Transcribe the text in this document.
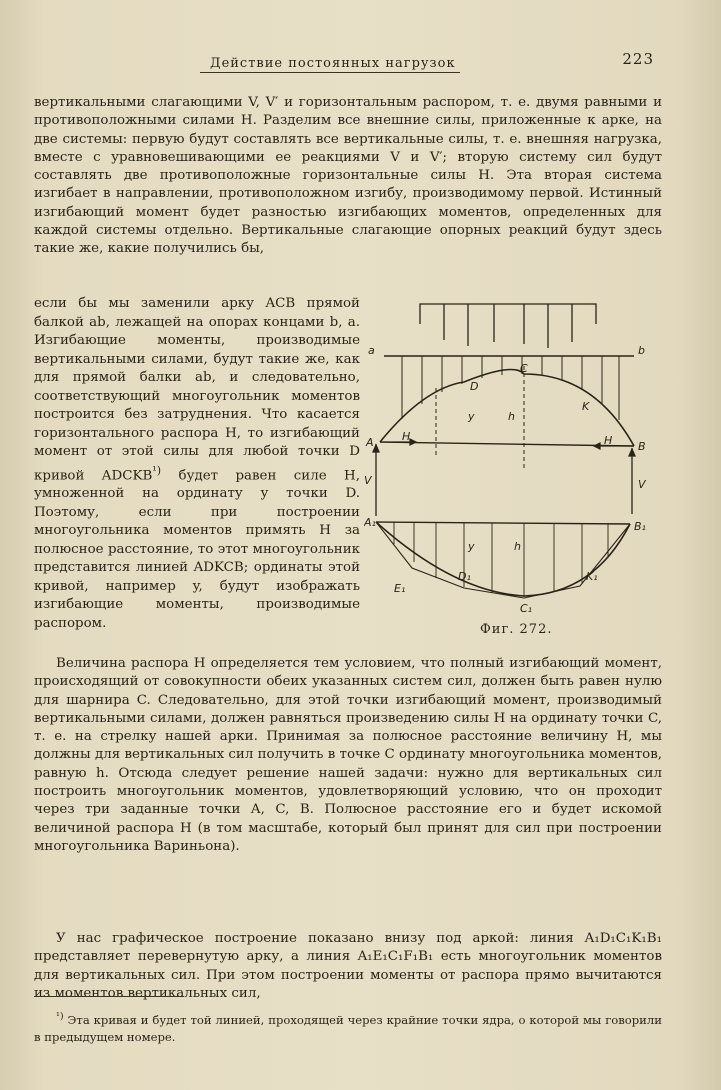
Действие постоянных нагрузок	223
вертикальными слагающими V, V′ и горизонтальным распором, т. е. двумя равными и противоположными силами H. Разделим все внешние силы, приложенные к арке, на две системы: первую будут составлять все вертикальные силы, т. е. внешняя нагрузка, вместе с уравновешивающими ее реакциями V и V′; вторую систему сил будут составлять две противоположные горизонтальные силы H. Эта вторая система изгибает в направлении, противоположном изгибу, производимому первой. Истинный изгибающий момент будет разностью изгибающих моментов, определенных для каждой системы отдельно. Вертикальные слагающие опорных реакций будут здесь такие же, какие получились бы,
если бы мы заменили арку ACB прямой балкой ab, лежащей на опорах концами b, a. Изгибающие моменты, производимые вертикальными силами, будут такие же, как для прямой балки ab, и следовательно, соответствующий многоугольник моментов построится без затруднения. Что касается горизонтального распора H, то изгибающий момент от этой силы для любой точки D кривой $ADCKB^{^1)}$ будет равен силе H, умноженной на ординату у точки D. Поэтому, если при построении многоугольника моментов примять H за полюсное расстояние, то этот многоугольник представится линией ADKCB; ординаты этой кривой, например y, будут изображать изгибающие моменты, производимые распором.
a	b
A	B
C
D
K
H	H
y	h
V	V
A₁	B₁
C₁
D₁
E₁
K₁
y	h
Фиг. 272.
Величина распора H определяется тем условием, что полный изгибающий момент, происходящий от совокупности обеих указанных систем сил, должен быть равен нулю для шарнира C. Следовательно, для этой точки изгибающий момент, производимый вертикальными силами, должен равняться произведению силы H на ординату точки C, т. е. на стрелку нашей арки. Принимая за полюсное расстояние величину H, мы должны для вертикальных сил получить в точке C ординату многоугольника моментов, равную h. Отсюда следует решение нашей задачи: нужно для вертикальных сил построить многоугольник моментов, удовлетворяющий условию, что он проходит через три заданные точки A, C, B. Полюсное расстояние его и будет искомой величиной распора H (в том масштабе, который был принят для сил при построении многоугольника Вариньона).
У нас графическое построение показано внизу под аркой: линия A₁D₁C₁K₁B₁ представляет перевернутую арку, а линия A₁E₁C₁F₁B₁ есть многоугольник моментов для вертикальных сил. При этом построении моменты от распора прямо вычитаются из моментов вертикальных сил,
$^{^1)}$ Эта кривая и будет той линией, проходящей через крайние точки ядра, о которой мы говорили в предыдущем номере.
